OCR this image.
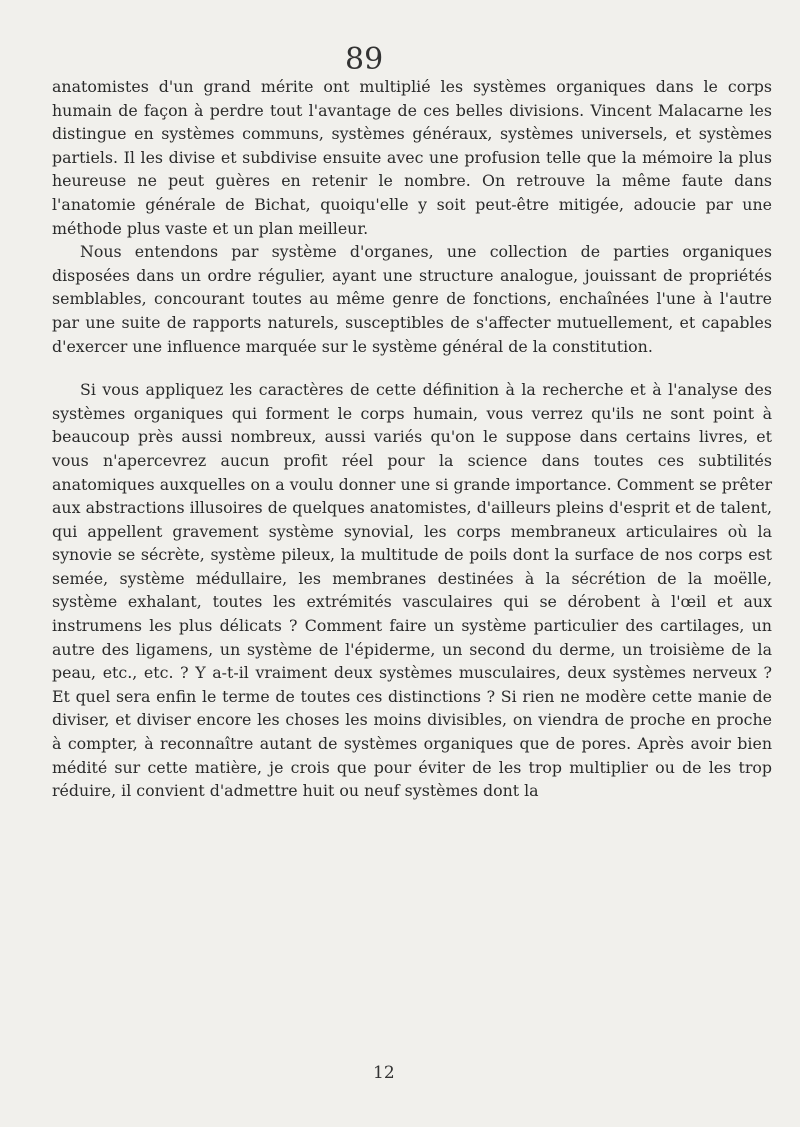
89

anatomistes d'un grand mérite ont multiplié les systèmes organiques dans le corps humain de façon à perdre tout l'avantage de ces belles divisions. Vincent Malacarne les distingue en systèmes communs, systèmes généraux, systèmes universels, et systèmes partiels. Il les divise et subdivise ensuite avec une profusion telle que la mémoire la plus heureuse ne peut guères en retenir le nombre. On retrouve la même faute dans l'anatomie générale de Bichat, quoiqu'elle y soit peut-être mitigée, adoucie par une méthode plus vaste et un plan meilleur.

Nous entendons par système d'organes, une collection de parties organiques disposées dans un ordre régulier, ayant une structure analogue, jouissant de propriétés semblables, concourant toutes au même genre de fonctions, enchaînées l'une à l'autre par une suite de rapports naturels, susceptibles de s'affecter mutuellement, et capables d'exercer une influence marquée sur le système général de la constitution.

Si vous appliquez les caractères de cette définition à la recherche et à l'analyse des systèmes organiques qui forment le corps humain, vous verrez qu'ils ne sont point à beaucoup près aussi nombreux, aussi variés qu'on le suppose dans certains livres, et vous n'apercevrez aucun profit réel pour la science dans toutes ces subtilités anatomiques auxquelles on a voulu donner une si grande importance. Comment se prêter aux abstractions illusoires de quelques anatomistes, d'ailleurs pleins d'esprit et de talent, qui appellent gravement système synovial, les corps membraneux articulaires où la synovie se sécrète, système pileux, la multitude de poils dont la surface de nos corps est semée, système médullaire, les membranes destinées à la sécrétion de la moëlle, système exhalant, toutes les extrémités vasculaires qui se dérobent à l'œil et aux instrumens les plus délicats ? Comment faire un système particulier des cartilages, un autre des ligamens, un système de l'épiderme, un second du derme, un troisième de la peau, etc., etc. ? Y a-t-il vraiment deux systèmes musculaires, deux systèmes nerveux ? Et quel sera enfin le terme de toutes ces distinctions ? Si rien ne modère cette manie de diviser, et diviser encore les choses les moins divisibles, on viendra de proche en proche à compter, à reconnaître autant de systèmes organiques que de pores. Après avoir bien médité sur cette matière, je crois que pour éviter de les trop multiplier ou de les trop réduire, il convient d'admettre huit ou neuf systèmes dont la

12
